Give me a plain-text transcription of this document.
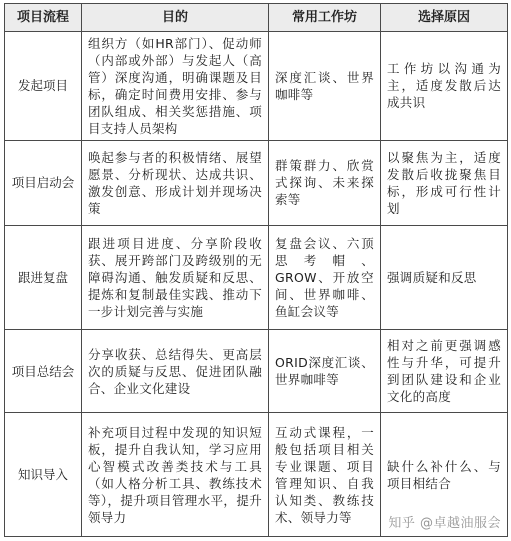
项目流程	目的	常用工作坊	选择原因
发起项目	组织方（如HR部门）、促动师（内部或外部）与发起人（高管）深度沟通，明确课题及目标，确定时间费用安排、参与团队组成、相关奖惩措施、项目支持人员架构	深度汇谈、世界咖啡等	工作坊以沟通为主，适度发散后达成共识
项目启动会	唤起参与者的积极情绪、展望愿景、分析现状、达成共识、激发创意、形成计划并现场决策	群策群力、欣赏式探询、未来探索等	以聚焦为主，适度发散后收拢聚焦目标，形成可行性计划
跟进复盘	跟进项目进度、分享阶段收获、展开跨部门及跨级别的无障碍沟通、触发质疑和反思、提炼和复制最佳实践、推动下一步计划完善与实施	复盘会议、六顶思考帽、GROW、开放空间、世界咖啡、鱼缸会议等	强调质疑和反思
项目总结会	分享收获、总结得失、更高层次的质疑与反思、促进团队融合、企业文化建设	ORID深度汇谈、世界咖啡等	相对之前更强调感性与升华，可提升到团队建设和企业文化的高度
知识导入	补充项目过程中发现的知识短板，提升自我认知，学习应用心智模式改善类技术与工具（如人格分析工具、教练技术等），提升项目管理水平，提升领导力	互动式课程，一般包括项目相关专业课题、项目管理知识、自我认知类、教练技术、领导力等	缺什么补什么、与项目相结合
知乎 @卓越油服会
